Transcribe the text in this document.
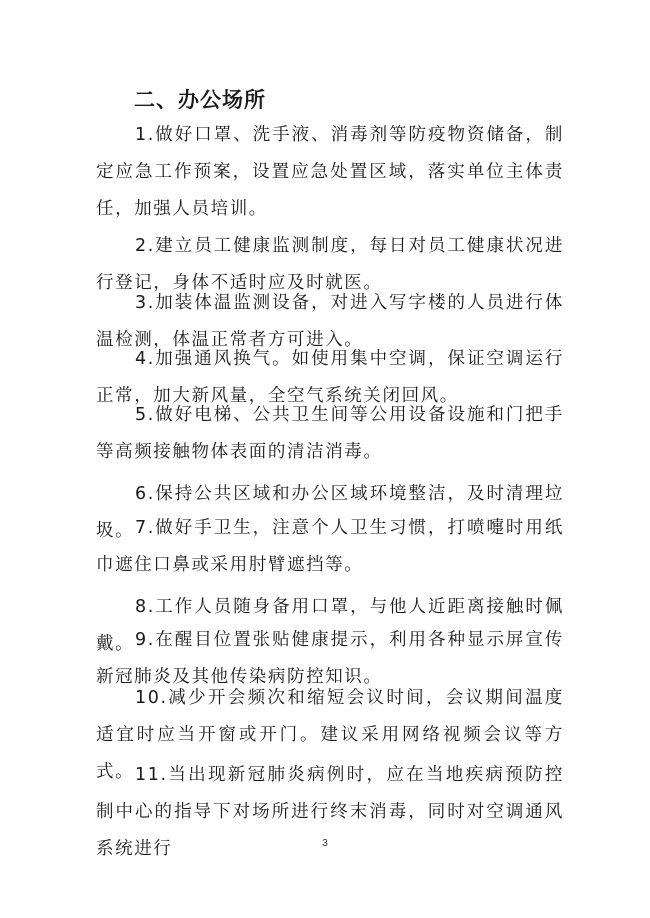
二、办公场所

1.做好口罩、洗手液、消毒剂等防疫物资储备，制定应急工作预案，设置应急处置区域，落实单位主体责任，加强人员培训。

2.建立员工健康监测制度，每日对员工健康状况进行登记，身体不适时应及时就医。

3.加装体温监测设备，对进入写字楼的人员进行体温检测，体温正常者方可进入。

4.加强通风换气。如使用集中空调，保证空调运行正常，加大新风量，全空气系统关闭回风。

5.做好电梯、公共卫生间等公用设备设施和门把手等高频接触物体表面的清洁消毒。

6.保持公共区域和办公区域环境整洁，及时清理垃圾。 7.做好手卫生，注意个人卫生习惯，打喷嚏时用纸巾遮住口鼻或采用肘臂遮挡等。

8.工作人员随身备用口罩，与他人近距离接触时佩戴。 9.在醒目位置张贴健康提示，利用各种显示屏宣传新冠肺炎及其他传染病防控知识。

10.减少开会频次和缩短会议时间，会议期间温度适宜时应当开窗或开门。建议采用网络视频会议等方式。 11.当出现新冠肺炎病例时，应在当地疾病预防控制中心的指导下对场所进行终末消毒，同时对空调通风系统进行	3
